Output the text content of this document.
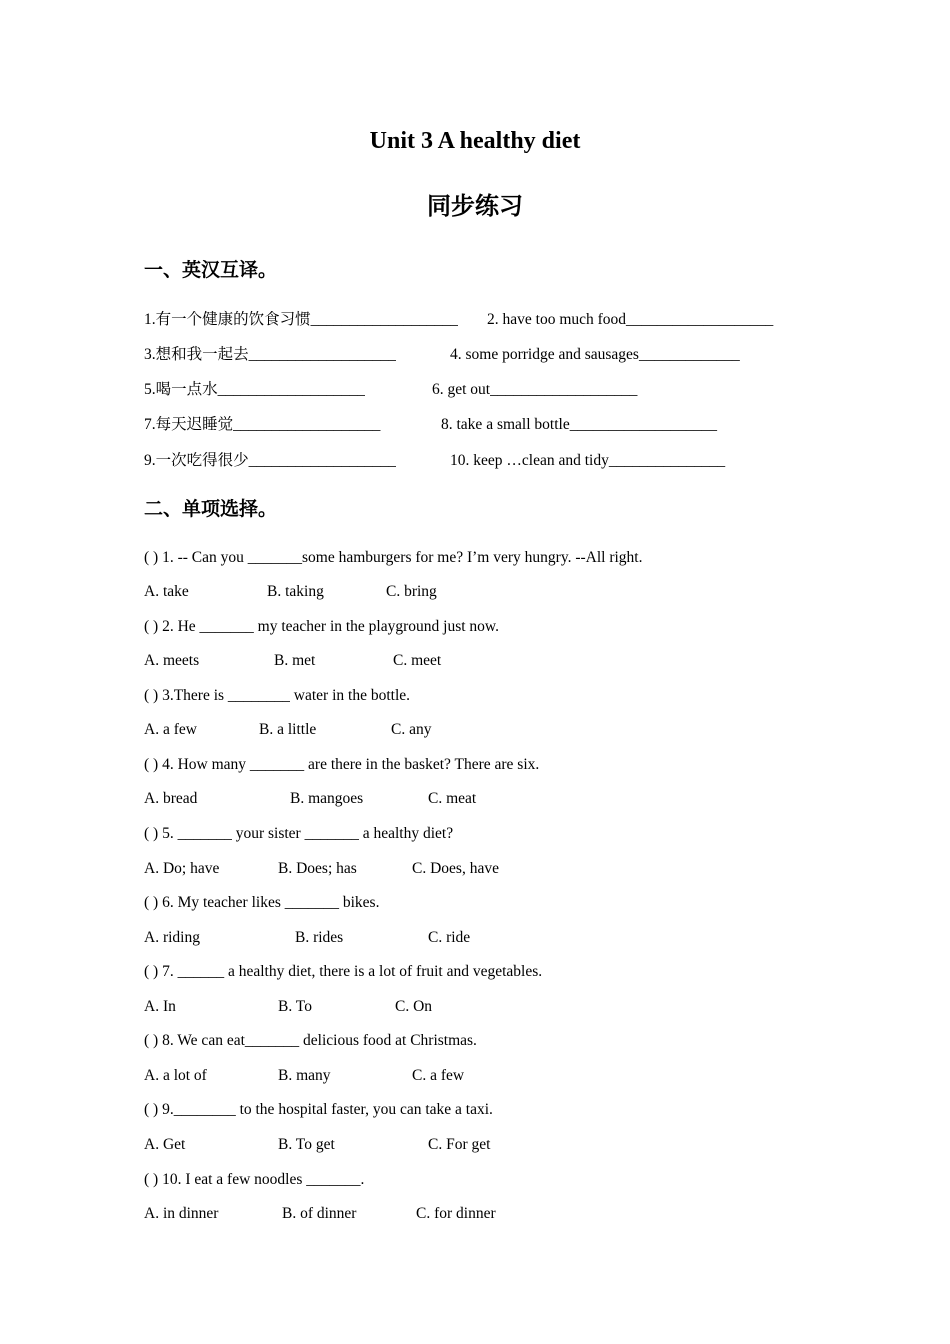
Unit 3 A healthy diet
同步练习
一、英汉互译。
1.有一个健康的饮食习惯___________________ 2. have too much food___________________
3.想和我一起去___________________	4. some porridge and sausages_____________
5.喝一点水___________________	6. get out___________________
7.每天迟睡觉___________________	8. take a small bottle___________________
9.一次吃得很少___________________	10. keep …clean and tidy_______________
二、单项选择。
( ) 1. -- Can you _______some hamburgers for me? I’m very hungry. --All right.
A. take	B. taking	C. bring
( ) 2. He _______ my teacher in the playground just now.
A. meets	B. met	C. meet
( ) 3.There is ________ water in the bottle.
A. a few	B. a little	C. any
( ) 4. How many _______ are there in the basket? There are six.
A. bread	B. mangoes	C. meat
( ) 5. _______ your sister _______ a healthy diet?
A. Do; have	B. Does; has	C. Does, have
( ) 6. My teacher likes _______ bikes.
A. riding	B. rides	C. ride
( ) 7. ______ a healthy diet, there is a lot of fruit and vegetables.
A. In	B. To	C. On
( ) 8. We can eat_______ delicious food at Christmas.
A. a lot of	B. many	C. a few
( ) 9.________ to the hospital faster, you can take a taxi.
A. Get	B. To get	C. For get
( ) 10. I eat a few noodles _______.
A. in dinner	B. of dinner	C. for dinner
